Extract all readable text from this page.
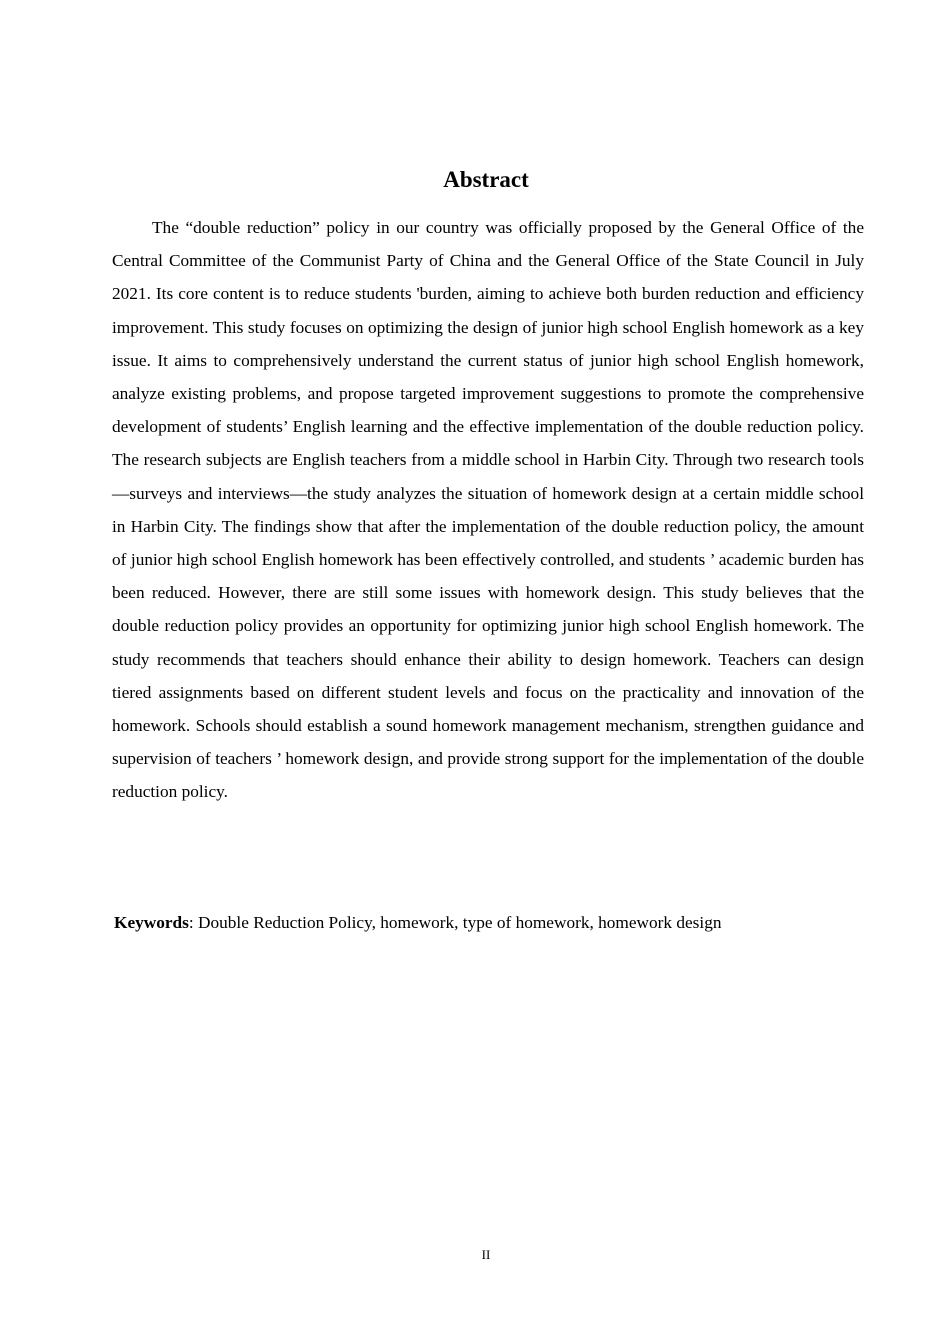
Abstract

The “double reduction” policy in our country was officially proposed by the General Office of the Central Committee of the Communist Party of China and the General Office of the State Council in July 2021. Its core content is to reduce students 'burden, aiming to achieve both burden reduction and efficiency improvement. This study focuses on optimizing the design of junior high school English homework as a key issue. It aims to comprehensively understand the current status of junior high school English homework, analyze existing problems, and propose targeted improvement suggestions to promote the comprehensive development of students’ English learning and the effective implementation of the double reduction policy. The research subjects are English teachers from a middle school in Harbin City. Through two research tools—surveys and interviews—the study analyzes the situation of homework design at a certain middle school in Harbin City. The findings show that after the implementation of the double reduction policy, the amount of junior high school English homework has been effectively controlled, and students ’ academic burden has been reduced. However, there are still some issues with homework design. This study believes that the double reduction policy provides an opportunity for optimizing junior high school English homework. The study recommends that teachers should enhance their ability to design homework. Teachers can design tiered assignments based on different student levels and focus on the practicality and innovation of the homework. Schools should establish a sound homework management mechanism, strengthen guidance and supervision of teachers ’ homework design, and provide strong support for the implementation of the double reduction policy.

Keywords: Double Reduction Policy, homework, type of homework, homework design

II
